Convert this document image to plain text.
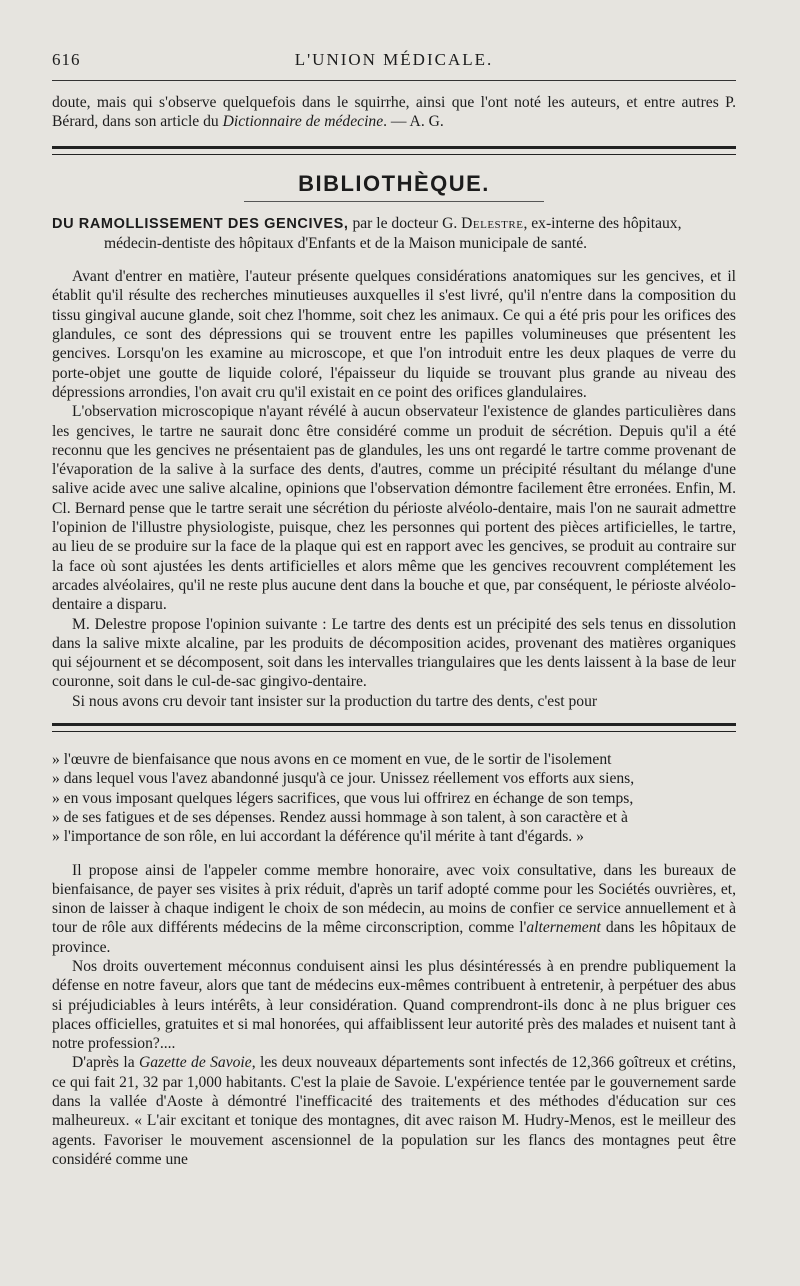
616	L'UNION MÉDICALE.

doute, mais qui s'observe quelquefois dans le squirrhe, ainsi que l'ont noté les auteurs, et entre autres P. Bérard, dans son article du Dictionnaire de médecine. — A. G.

BIBLIOTHÈQUE.

DU RAMOLLISSEMENT DES GENCIVES, par le docteur G. Delestre, ex-interne des hôpitaux,

médecin-dentiste des hôpitaux d'Enfants et de la Maison municipale de santé.

Avant d'entrer en matière, l'auteur présente quelques considérations anatomiques sur les gencives, et il établit qu'il résulte des recherches minutieuses auxquelles il s'est livré, qu'il n'entre dans la composition du tissu gingival aucune glande, soit chez l'homme, soit chez les animaux. Ce qui a été pris pour les orifices des glandules, ce sont des dépressions qui se trouvent entre les papilles volumineuses que présentent les gencives. Lorsqu'on les examine au microscope, et que l'on introduit entre les deux plaques de verre du porte-objet une goutte de liquide coloré, l'épaisseur du liquide se trouvant plus grande au niveau des dépressions arrondies, l'on avait cru qu'il existait en ce point des orifices glandulaires.

L'observation microscopique n'ayant révélé à aucun observateur l'existence de glandes particulières dans les gencives, le tartre ne saurait donc être considéré comme un produit de sécrétion. Depuis qu'il a été reconnu que les gencives ne présentaient pas de glandules, les uns ont regardé le tartre comme provenant de l'évaporation de la salive à la surface des dents, d'autres, comme un précipité résultant du mélange d'une salive acide avec une salive alcaline, opinions que l'observation démontre facilement être erronées. Enfin, M. Cl. Bernard pense que le tartre serait une sécrétion du périoste alvéolo-dentaire, mais l'on ne saurait admettre l'opinion de l'illustre physiologiste, puisque, chez les personnes qui portent des pièces artificielles, le tartre, au lieu de se produire sur la face de la plaque qui est en rapport avec les gencives, se produit au contraire sur la face où sont ajustées les dents artificielles et alors même que les gencives recouvrent complétement les arcades alvéolaires, qu'il ne reste plus aucune dent dans la bouche et que, par conséquent, le périoste alvéolo-dentaire a disparu.

M. Delestre propose l'opinion suivante : Le tartre des dents est un précipité des sels tenus en dissolution dans la salive mixte alcaline, par les produits de décomposition acides, provenant des matières organiques qui séjournent et se décomposent, soit dans les intervalles triangulaires que les dents laissent à la base de leur couronne, soit dans le cul-de-sac gingivo-dentaire.

Si nous avons cru devoir tant insister sur la production du tartre des dents, c'est pour

» l'œuvre de bienfaisance que nous avons en ce moment en vue, de le sortir de l'isolement

» dans lequel vous l'avez abandonné jusqu'à ce jour. Unissez réellement vos efforts aux siens,

» en vous imposant quelques légers sacrifices, que vous lui offrirez en échange de son temps,

» de ses fatigues et de ses dépenses. Rendez aussi hommage à son talent, à son caractère et à

» l'importance de son rôle, en lui accordant la déférence qu'il mérite à tant d'égards. »

Il propose ainsi de l'appeler comme membre honoraire, avec voix consultative, dans les bureaux de bienfaisance, de payer ses visites à prix réduit, d'après un tarif adopté comme pour les Sociétés ouvrières, et, sinon de laisser à chaque indigent le choix de son médecin, au moins de confier ce service annuellement et à tour de rôle aux différents médecins de la même circonscription, comme l'alternement dans les hôpitaux de province.

Nos droits ouvertement méconnus conduisent ainsi les plus désintéressés à en prendre publiquement la défense en notre faveur, alors que tant de médecins eux-mêmes contribuent à entretenir, à perpétuer des abus si préjudiciables à leurs intérêts, à leur considération. Quand comprendront-ils donc à ne plus briguer ces places officielles, gratuites et si mal honorées, qui affaiblissent leur autorité près des malades et nuisent tant à notre profession?....

D'après la Gazette de Savoie, les deux nouveaux départements sont infectés de 12,366 goîtreux et crétins, ce qui fait 21, 32 par 1,000 habitants. C'est la plaie de Savoie. L'expérience tentée par le gouvernement sarde dans la vallée d'Aoste à démontré l'inefficacité des traitements et des méthodes d'éducation sur ces malheureux. « L'air excitant et tonique des montagnes, dit avec raison M. Hudry-Menos, est le meilleur des agents. Favoriser le mouvement ascensionnel de la population sur les flancs des montagnes peut être considéré comme une
